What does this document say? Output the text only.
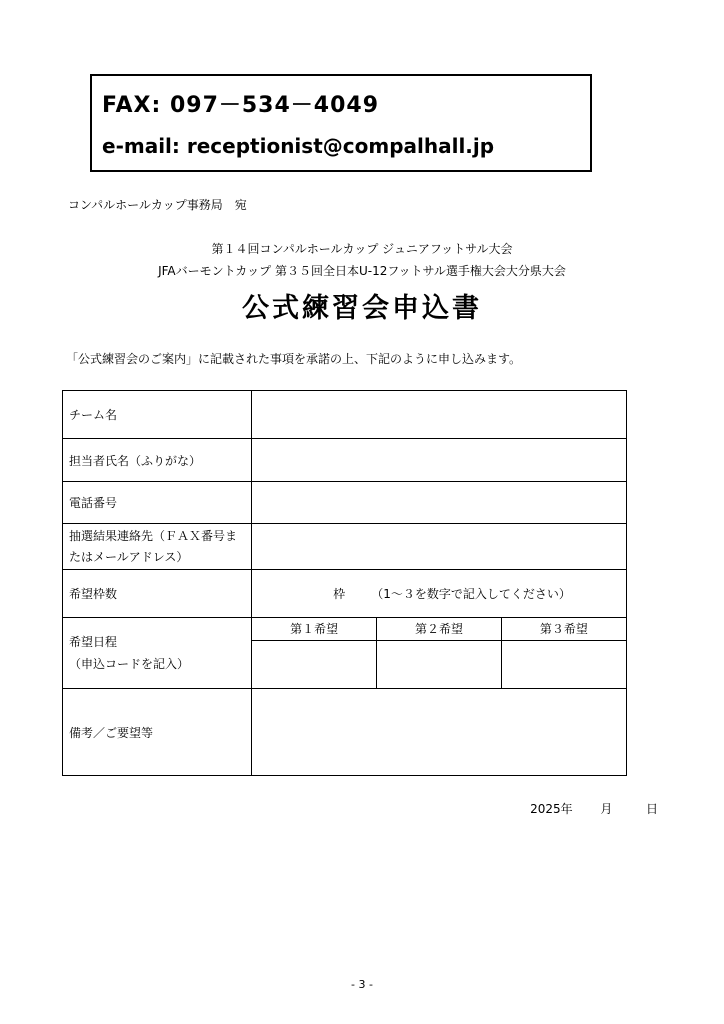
FAX: 097－534－4049
e-mail: receptionist@compalhall.jp
コンパルホールカップ事務局　宛
第１４回コンパルホールカップ ジュニアフットサル大会
JFAバーモントカップ 第３５回全日本U-12フットサル選手権大会大分県大会
公式練習会申込書
「公式練習会のご案内」に記載された事項を承諾の上、下記のように申し込みます。
チーム名	
担当者氏名（ふりがな）	
電話番号	
抽選結果連絡先（ＦＡＸ番号ま
たはメールアドレス）	
希望枠数	枠 （1～３を数字で記入してください）
希望日程
（申込コードを記入）	
第１希望	第２希望	第３希望

備考／ご要望等	
2025年 月	日
- 3 -
